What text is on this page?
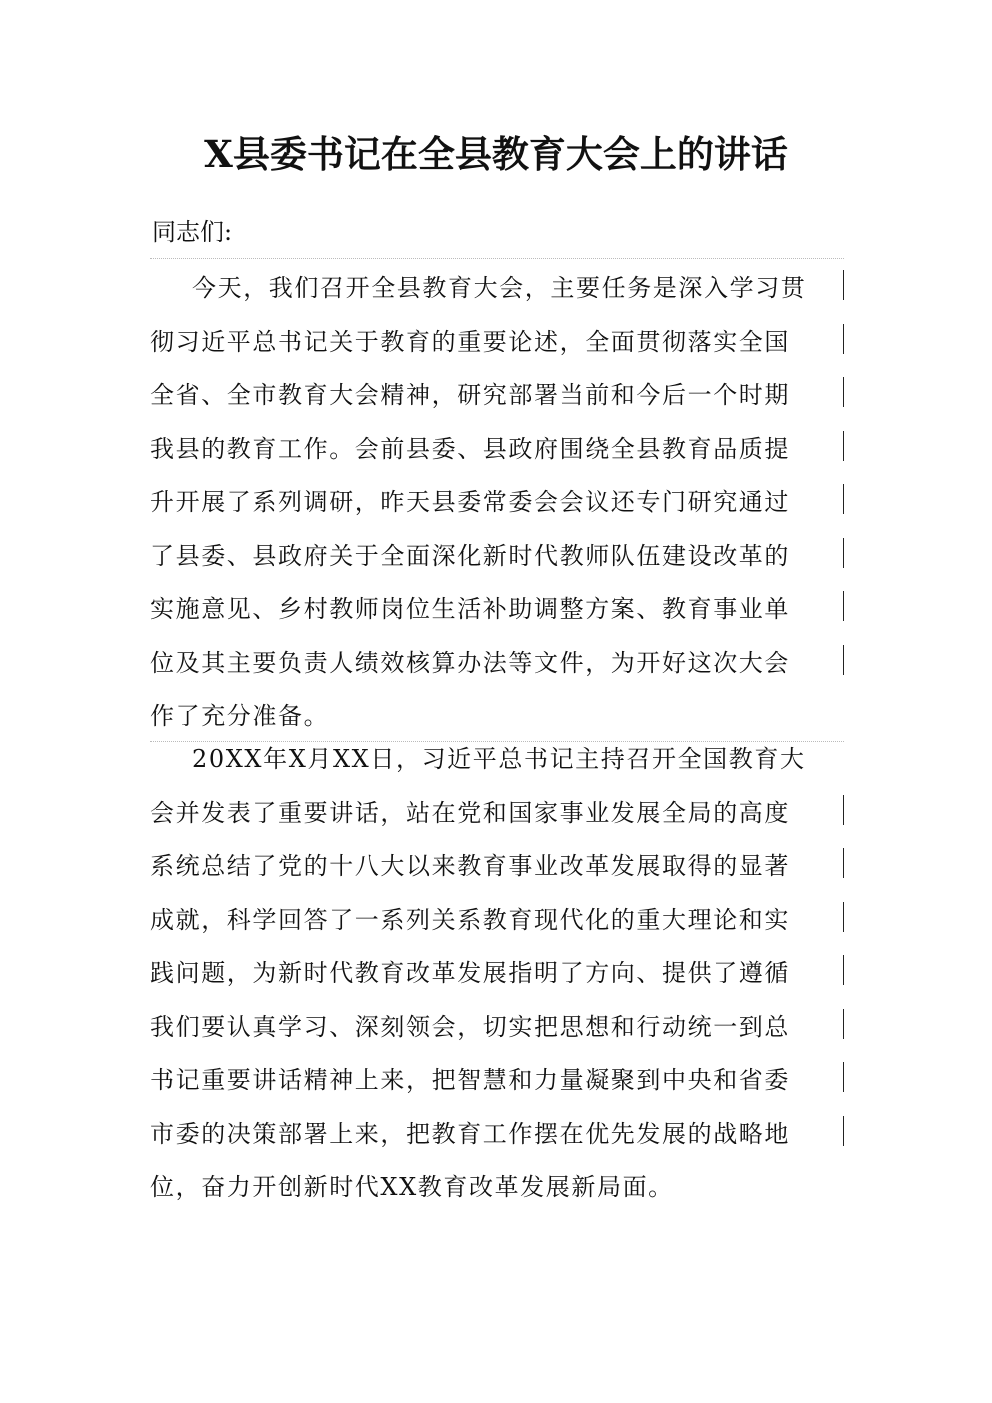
X县委书记在全县教育大会上的讲话

同志们:

今天，我们召开全县教育大会，主要任务是深入学习贯
彻习近平总书记关于教育的重要论述，全面贯彻落实全国
全省、全市教育大会精神，研究部署当前和今后一个时期
我县的教育工作。会前县委、县政府围绕全县教育品质提
升开展了系列调研，昨天县委常委会会议还专门研究通过
了县委、县政府关于全面深化新时代教师队伍建设改革的
实施意见、乡村教师岗位生活补助调整方案、教育事业单
位及其主要负责人绩效核算办法等文件，为开好这次大会
作了充分准备。
20XX年X月XX日，习近平总书记主持召开全国教育大
会并发表了重要讲话，站在党和国家事业发展全局的高度
系统总结了党的十八大以来教育事业改革发展取得的显著
成就，科学回答了一系列关系教育现代化的重大理论和实
践问题，为新时代教育改革发展指明了方向、提供了遵循
我们要认真学习、深刻领会，切实把思想和行动统一到总
书记重要讲话精神上来，把智慧和力量凝聚到中央和省委
市委的决策部署上来，把教育工作摆在优先发展的战略地
位，奋力开创新时代XX教育改革发展新局面。
